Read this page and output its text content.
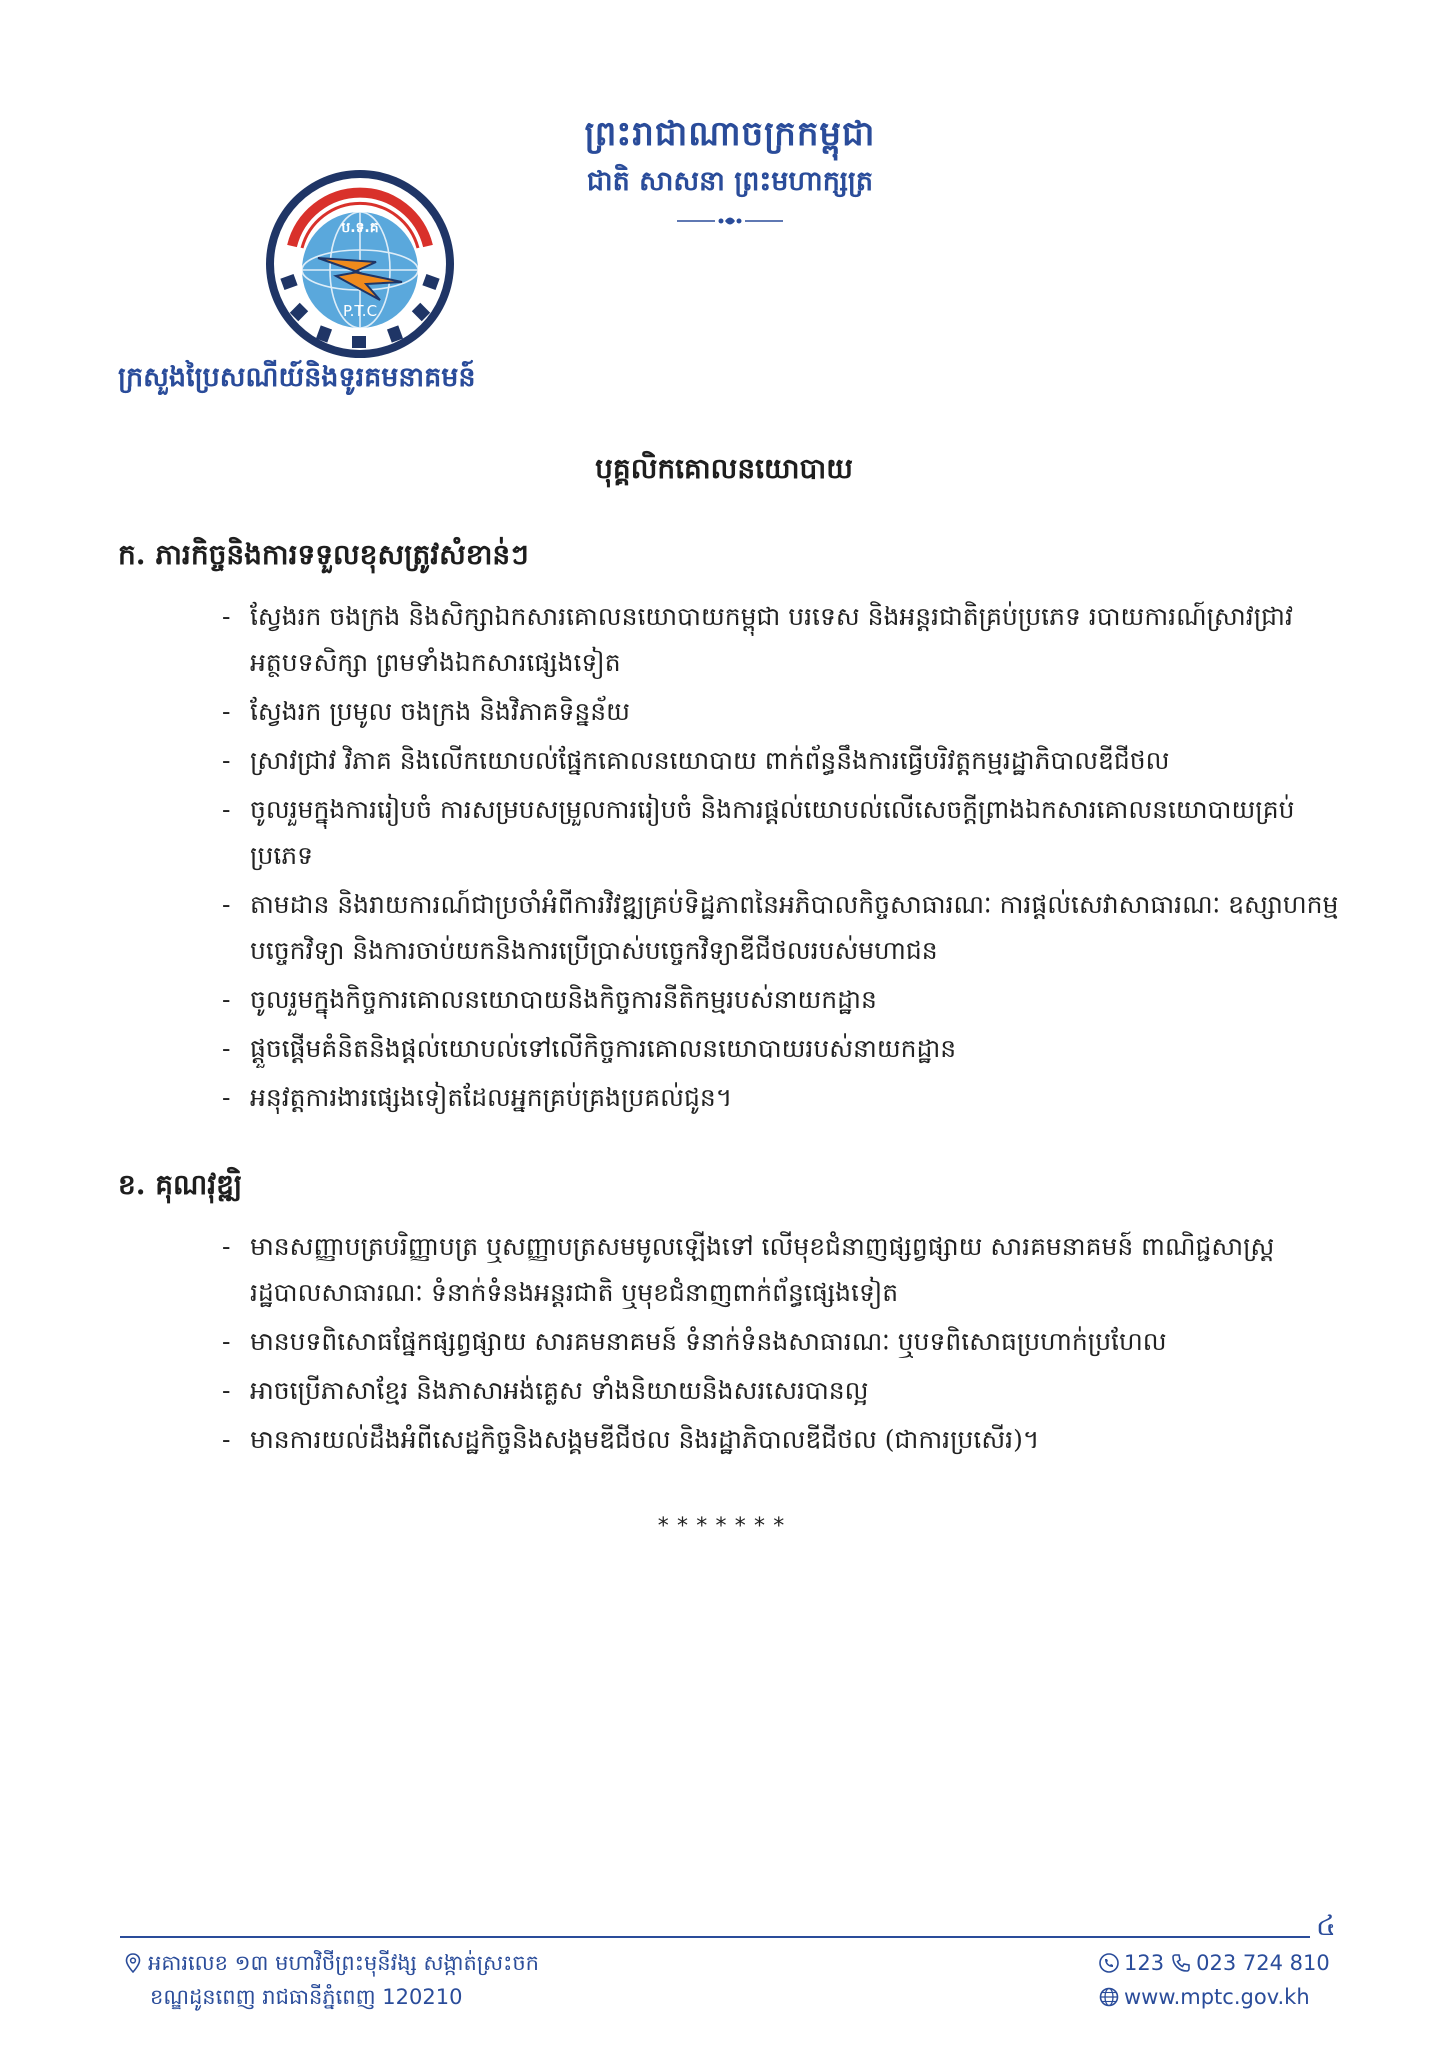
ព្រះរាជាណាចក្រកម្ពុជា
ជាតិ សាសនា ព្រះមហាក្សត្រ
ប.ទ.គ
P.T.C
ក្រសួងប្រៃសណីយ៍និងទូរគមនាគមន៍
បុគ្គលិកគោលនយោបាយ
ក. ភារកិច្ចនិងការទទួលខុសត្រូវសំខាន់ៗ
- ស្វែងរក ចងក្រង និងសិក្សាឯកសារគោលនយោបាយកម្ពុជា បរទេស និងអន្តរជាតិគ្រប់ប្រភេទ របាយការណ៍ស្រាវជ្រាវ អត្ថបទសិក្សា ព្រមទាំងឯកសារផ្សេងទៀត
- ស្វែងរក ប្រមូល ចងក្រង និងវិភាគទិន្នន័យ
- ស្រាវជ្រាវ វិភាគ និងលើកយោបល់ផ្នែកគោលនយោបាយ ពាក់ព័ន្ធនឹងការធ្វើបរិវត្តកម្មរដ្ឋាភិបាលឌីជីថល
- ចូលរួមក្នុងការរៀបចំ ការសម្របសម្រួលការរៀបចំ និងការផ្តល់យោបល់លើសេចក្តីព្រាងឯកសារគោលនយោបាយគ្រប់ប្រភេទ
- តាមដាន និងរាយការណ៍ជាប្រចាំអំពីការវិវឌ្ឍគ្រប់ទិដ្ឋភាពនៃអភិបាលកិច្ចសាធារណៈ ការផ្តល់សេវាសាធារណៈ ឧស្សាហកម្មបច្ចេកវិទ្យា និងការចាប់យកនិងការប្រើប្រាស់បច្ចេកវិទ្យាឌីជីថលរបស់មហាជន
- ចូលរួមក្នុងកិច្ចការគោលនយោបាយនិងកិច្ចការនីតិកម្មរបស់នាយកដ្ឋាន
- ផ្តួចផ្តើមគំនិតនិងផ្តល់យោបល់ទៅលើកិច្ចការគោលនយោបាយរបស់នាយកដ្ឋាន
- អនុវត្តការងារផ្សេងទៀតដែលអ្នកគ្រប់គ្រងប្រគល់ជូន។
ខ. គុណវុឌ្ឍិ
- មានសញ្ញាបត្របរិញ្ញាបត្រ ឬសញ្ញាបត្រសមមូលឡើងទៅ លើមុខជំនាញផ្សព្វផ្សាយ សារគមនាគមន៍ ពាណិជ្ជសាស្ត្រ រដ្ឋបាលសាធារណៈ ទំនាក់ទំនងអន្តរជាតិ ឬមុខជំនាញពាក់ព័ន្ធផ្សេងទៀត
- មានបទពិសោធផ្នែកផ្សព្វផ្សាយ សារគមនាគមន៍ ទំនាក់ទំនងសាធារណៈ ឬបទពិសោធប្រហាក់ប្រហែល
- អាចប្រើភាសាខ្មែរ និងភាសាអង់គ្លេស ទាំងនិយាយនិងសរសេរបានល្អ
- មានការយល់ដឹងអំពីសេដ្ឋកិច្ចនិងសង្គមឌីជីថល និងរដ្ឋាភិបាលឌីជីថល (ជាការប្រសើរ)។
*******
៤
អគារលេខ ១៣ មហាវិថីព្រះមុនីវង្ស សង្កាត់ស្រះចក
ខណ្ឌដូនពេញ រាជធានីភ្នំពេញ 120210
123 023 724 810
www.mptc.gov.kh
